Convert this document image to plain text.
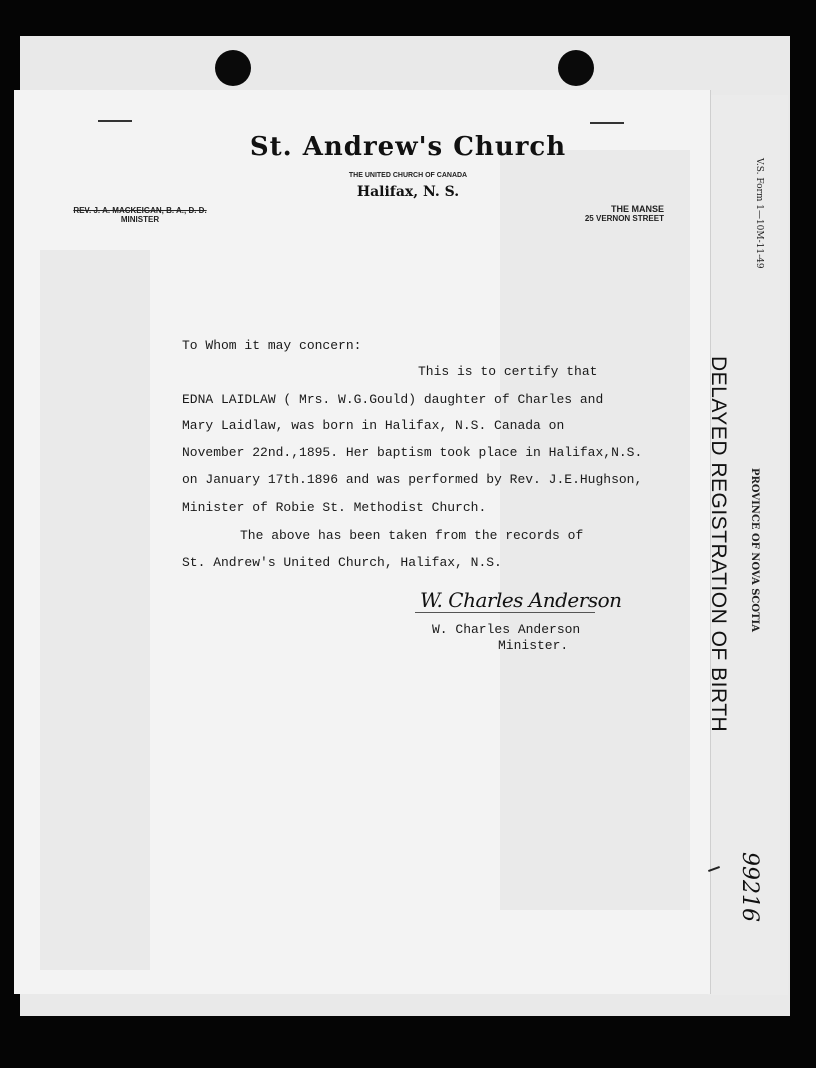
St. Andrew's Church
THE UNITED CHURCH OF CANADA
Halifax, N. S.
REV. J. A. MACKEIGAN, B. A., D. D.
MINISTER
THE MANSE
25 VERNON STREET
To Whom it may concern:
This is to certify that
EDNA LAIDLAW ( Mrs. W.G.Gould) daughter of Charles and
Mary Laidlaw, was born in Halifax, N.S. Canada on
November 22nd.,1895. Her baptism took place in Halifax,N.S.
on January 17th.1896 and was performed by Rev. J.E.Hughson,
Minister of Robie St. Methodist Church.
The above has been taken from the records of
St. Andrew's United Church, Halifax, N.S.
W. Charles Anderson
W. Charles Anderson
Minister.
V.S. Form 1—10M-11-49
DELAYED REGISTRATION OF BIRTH PROVINCE OF NOVA SCOTIA
99216
